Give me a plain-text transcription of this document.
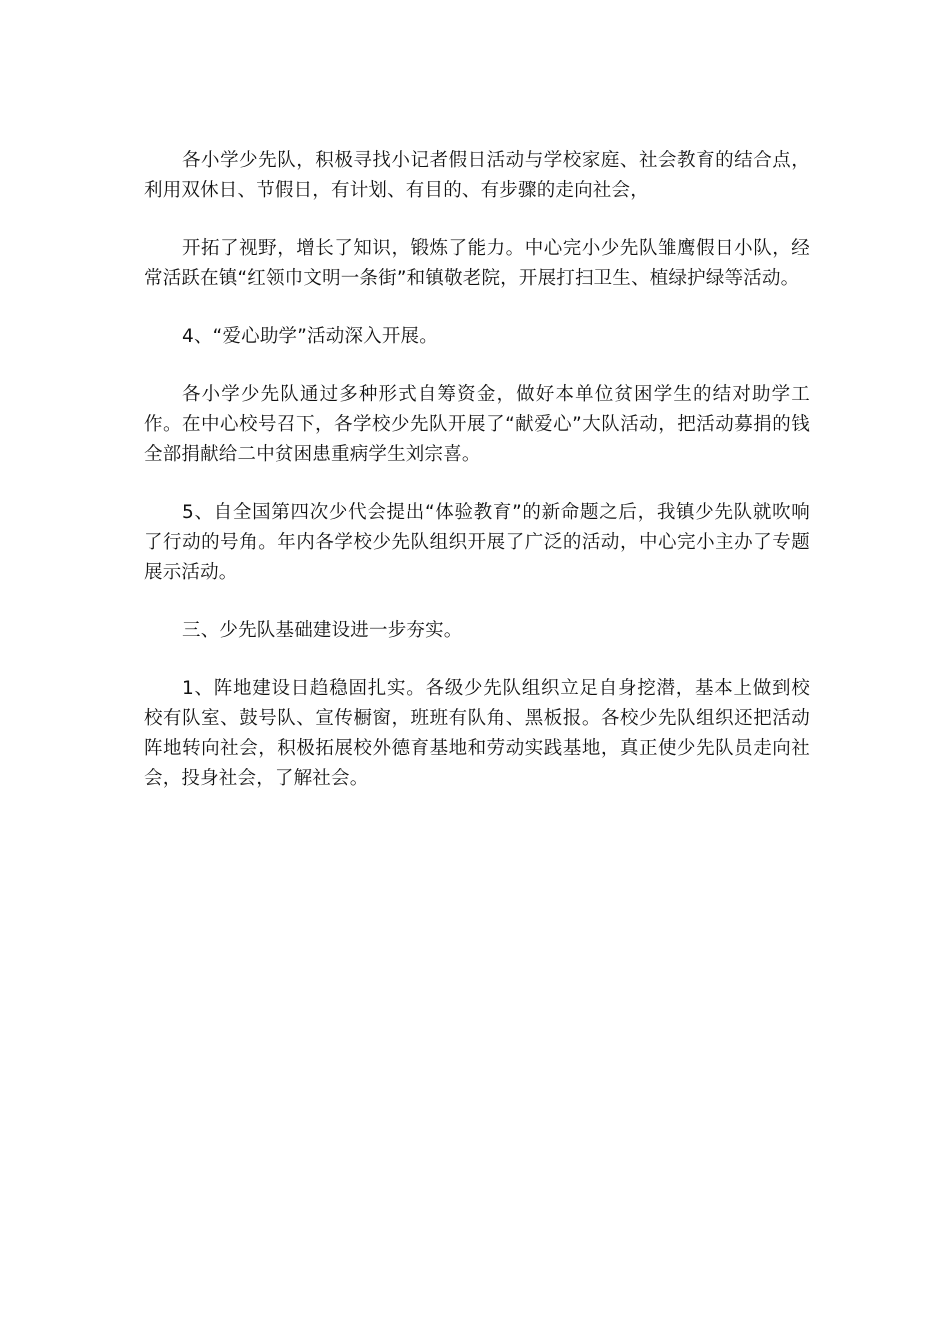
各小学少先队，积极寻找小记者假日活动与学校家庭、社会教育的结合点，利用双休日、节假日，有计划、有目的、有步骤的走向社会，

开拓了视野，增长了知识，锻炼了能力。中心完小少先队雏鹰假日小队，经常活跃在镇“红领巾文明一条街”和镇敬老院，开展打扫卫生、植绿护绿等活动。

4、“爱心助学”活动深入开展。

各小学少先队通过多种形式自筹资金，做好本单位贫困学生的结对助学工作。在中心校号召下，各学校少先队开展了“献爱心”大队活动，把活动募捐的钱全部捐献给二中贫困患重病学生刘宗喜。

5、自全国第四次少代会提出“体验教育”的新命题之后，我镇少先队就吹响了行动的号角。年内各学校少先队组织开展了广泛的活动，中心完小主办了专题展示活动。

三、少先队基础建设进一步夯实。

1、阵地建设日趋稳固扎实。各级少先队组织立足自身挖潜，基本上做到校校有队室、鼓号队、宣传橱窗，班班有队角、黑板报。各校少先队组织还把活动阵地转向社会，积极拓展校外德育基地和劳动实践基地，真正使少先队员走向社会，投身社会，了解社会。
